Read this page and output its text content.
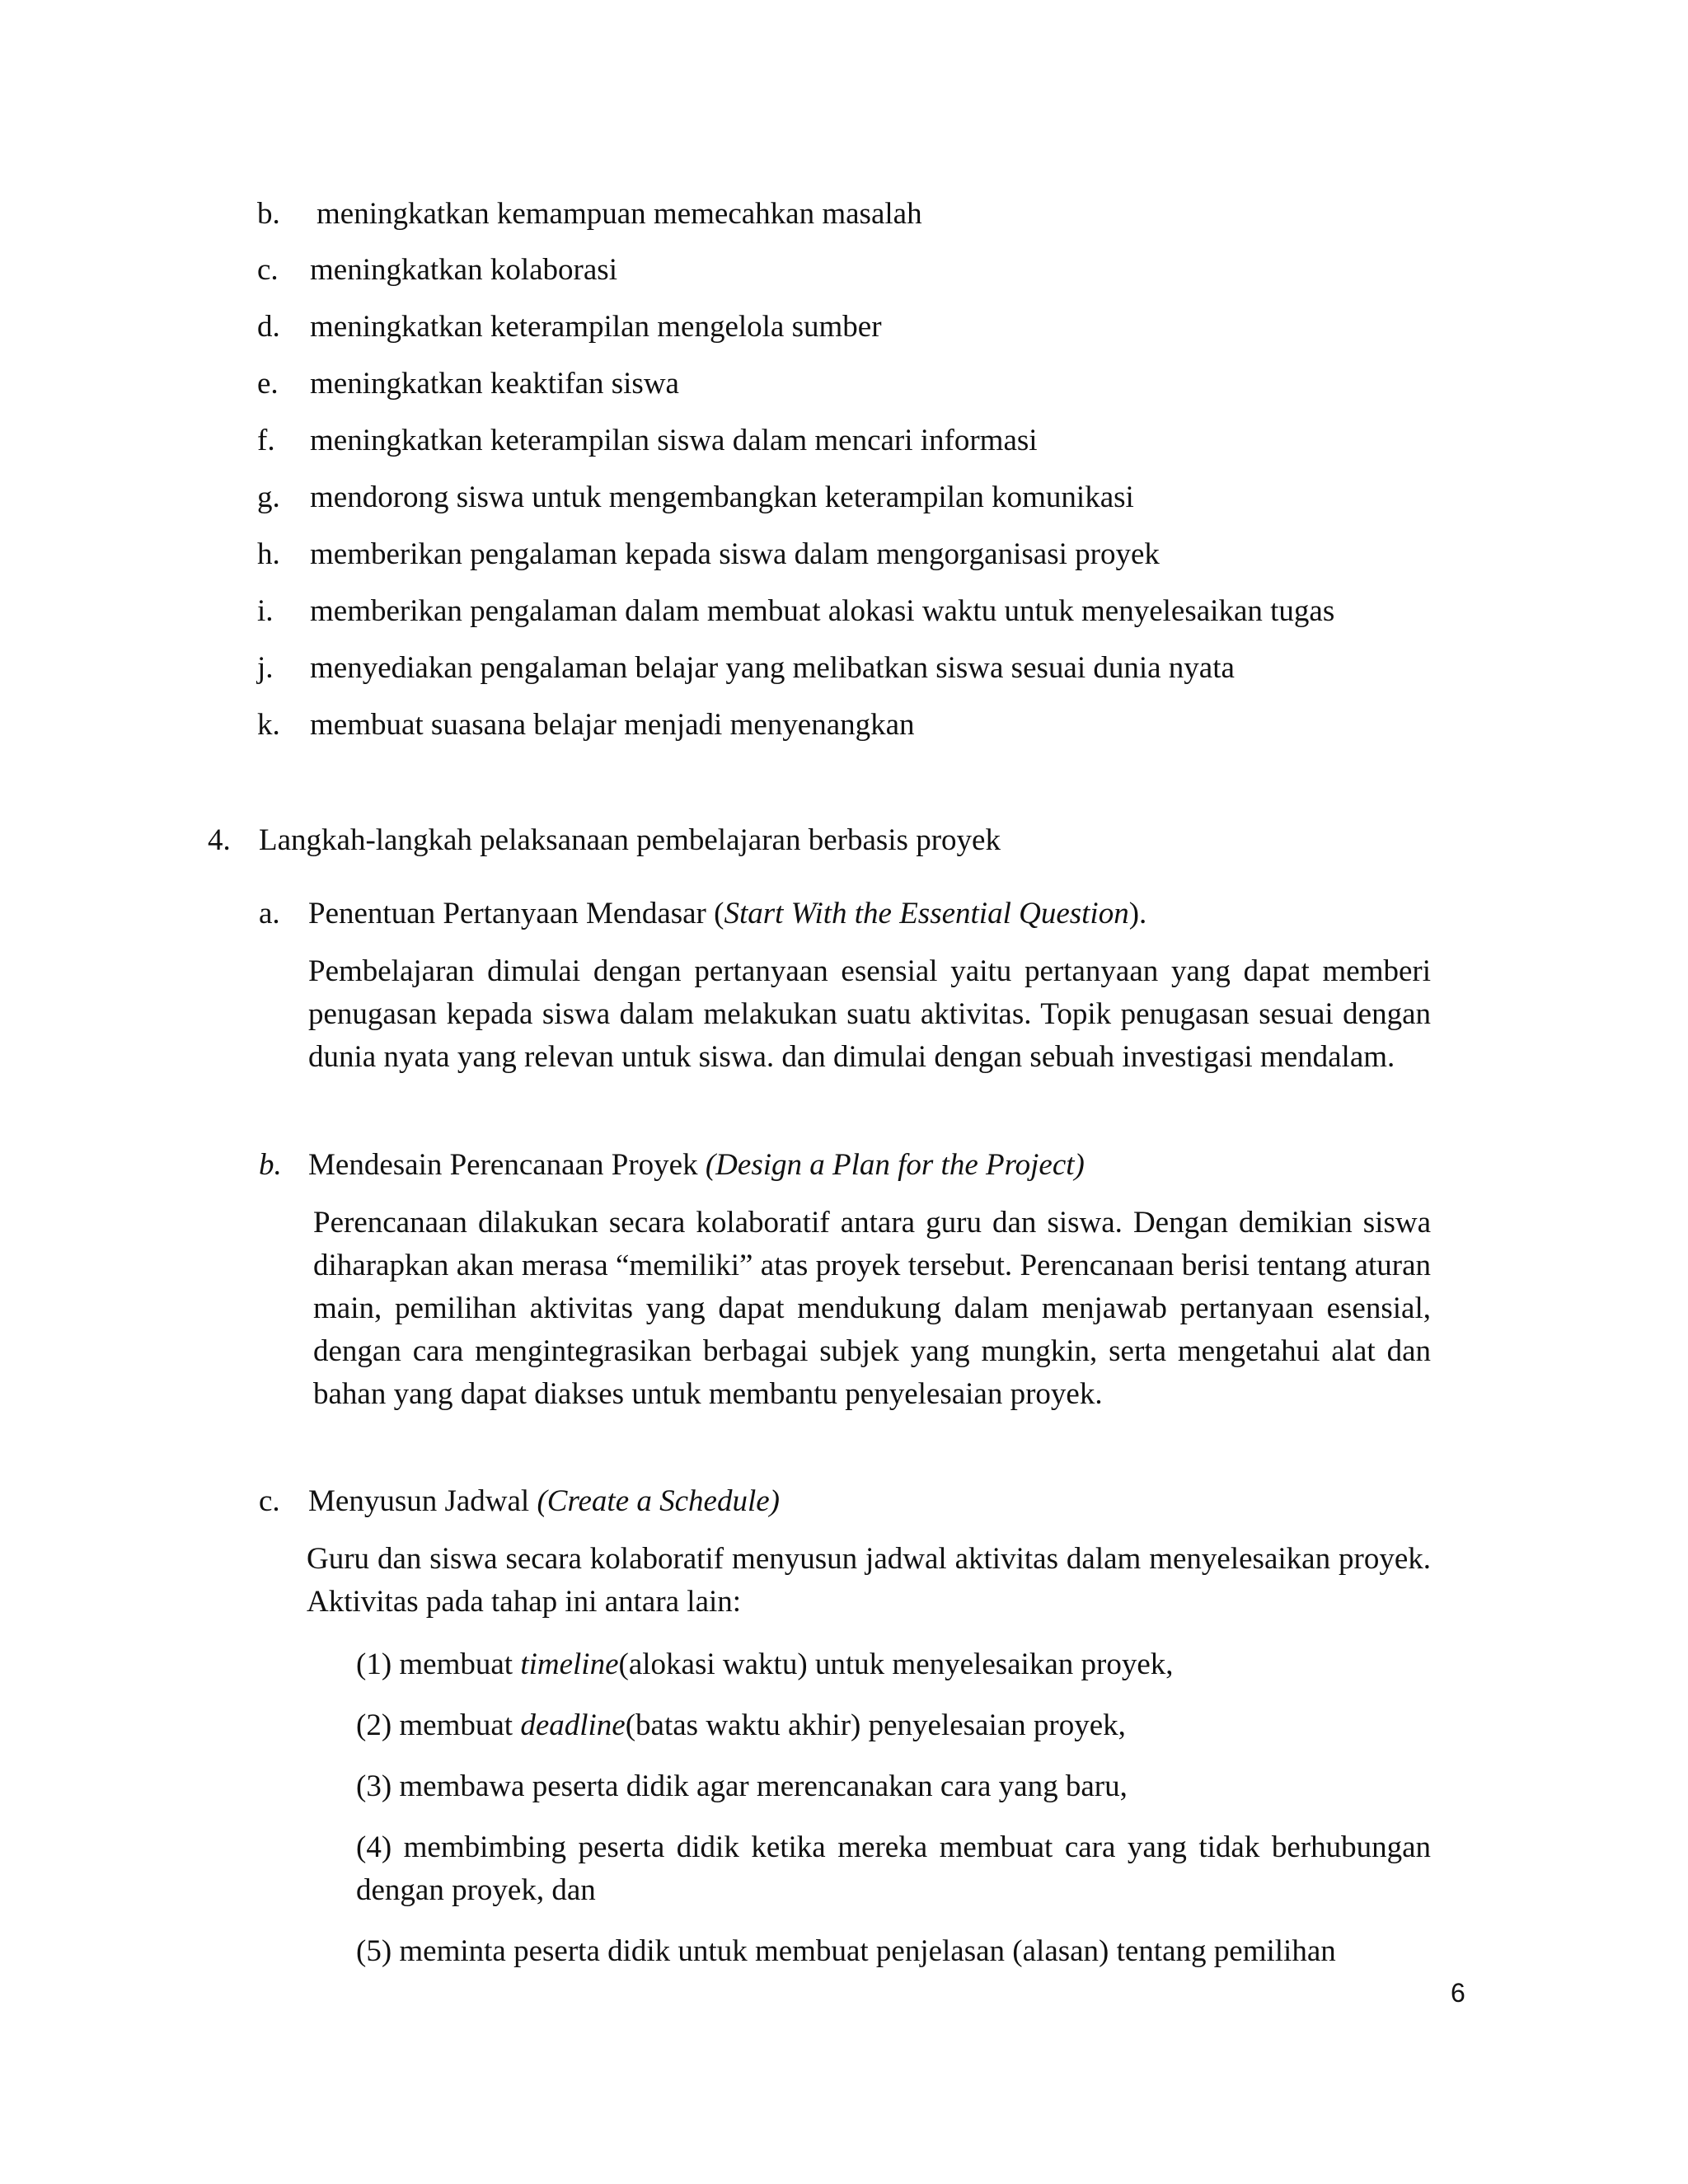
b. meningkatkan kemampuan memecahkan masalah
c. meningkatkan kolaborasi
d. meningkatkan keterampilan mengelola sumber
e. meningkatkan keaktifan siswa
f. meningkatkan keterampilan siswa dalam mencari informasi
g. mendorong siswa untuk mengembangkan keterampilan komunikasi
h. memberikan pengalaman kepada siswa dalam mengorganisasi proyek
i. memberikan pengalaman dalam membuat alokasi waktu untuk menyelesaikan tugas
j. menyediakan pengalaman belajar yang melibatkan siswa sesuai dunia nyata
k. membuat suasana belajar menjadi menyenangkan
4. Langkah-langkah pelaksanaan pembelajaran berbasis proyek
a. Penentuan Pertanyaan Mendasar (Start With the Essential Question).
Pembelajaran dimulai dengan pertanyaan esensial yaitu pertanyaan yang dapat memberi penugasan kepada siswa dalam melakukan suatu aktivitas. Topik penugasan sesuai dengan dunia nyata yang relevan untuk siswa. dan dimulai dengan sebuah investigasi mendalam.
b. Mendesain Perencanaan Proyek (Design a Plan for the Project)
Perencanaan dilakukan secara kolaboratif antara guru dan siswa. Dengan demikian siswa diharapkan akan merasa “memiliki” atas proyek tersebut. Perencanaan berisi tentang aturan main, pemilihan aktivitas yang dapat mendukung dalam menjawab pertanyaan esensial, dengan cara mengintegrasikan berbagai subjek yang mungkin, serta mengetahui alat dan bahan yang dapat diakses untuk membantu penyelesaian proyek.
c. Menyusun Jadwal (Create a Schedule)
Guru dan siswa secara kolaboratif menyusun jadwal aktivitas dalam menyelesaikan proyek. Aktivitas pada tahap ini antara lain:
(1) membuat timeline(alokasi waktu) untuk menyelesaikan proyek,
(2) membuat deadline(batas waktu akhir) penyelesaian proyek,
(3) membawa peserta didik agar merencanakan cara yang baru,
(4) membimbing peserta didik ketika mereka membuat cara yang tidak berhubungan dengan proyek, dan
(5) meminta peserta didik untuk membuat penjelasan (alasan) tentang pemilihan
6
